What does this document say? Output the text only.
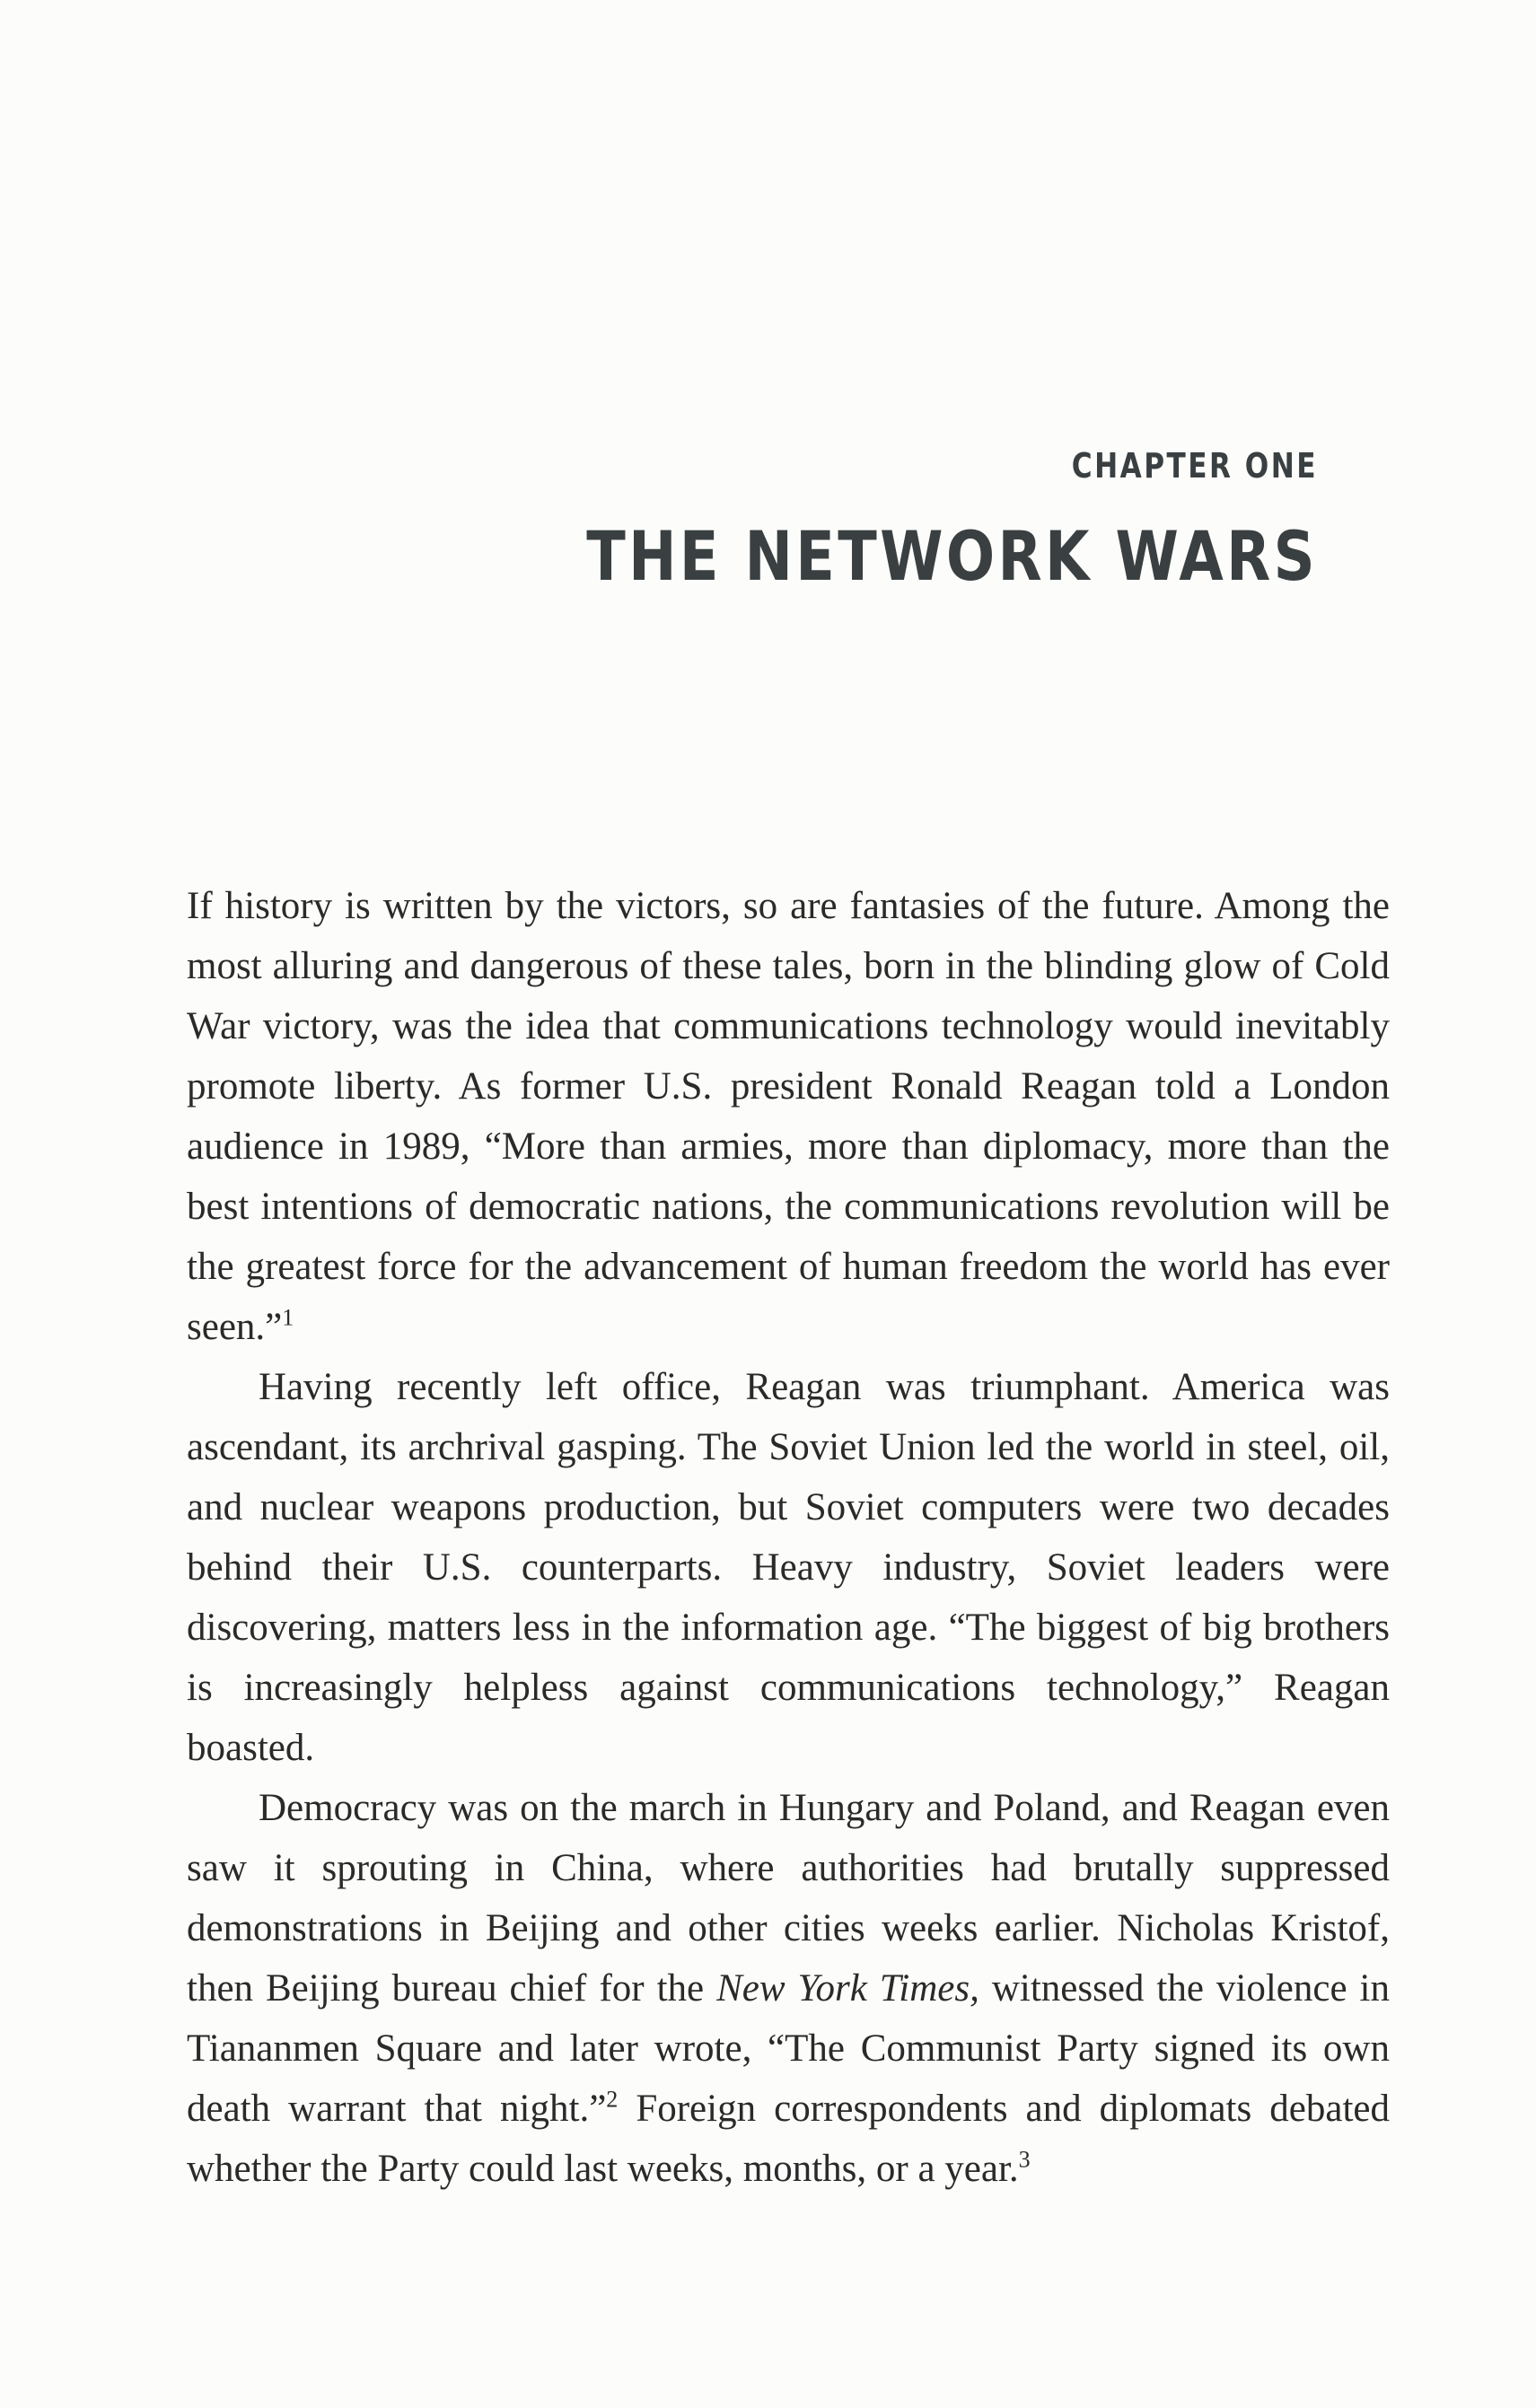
CHAPTER ONE
THE NETWORK WARS

If history is written by the victors, so are fantasies of the future. Among the most alluring and dangerous of these tales, born in the blinding glow of Cold War victory, was the idea that communications technology would inevitably promote liberty. As former U.S. president Ronald Reagan told a London audience in 1989, “More than armies, more than diplomacy, more than the best intentions of democratic nations, the communications revolution will be the greatest force for the advancement of human freedom the world has ever seen.”$^1$

Having recently left office, Reagan was triumphant. America was ascendant, its archrival gasping. The Soviet Union led the world in steel, oil, and nuclear weapons production, but Soviet computers were two decades behind their U.S. counterparts. Heavy industry, Soviet leaders were discovering, matters less in the information age. “The biggest of big brothers is increasingly helpless against communications technology,” Reagan boasted.

Democracy was on the march in Hungary and Poland, and Reagan even saw it sprouting in China, where authorities had brutally suppressed demonstrations in Beijing and other cities weeks earlier. Nicholas Kristof, then Beijing bureau chief for the New York Times, witnessed the violence in Tiananmen Square and later wrote, “The Communist Party signed its own death warrant that night.”$^2$ Foreign correspondents and diplomats debated whether the Party could last weeks, months, or a year.$^3$
